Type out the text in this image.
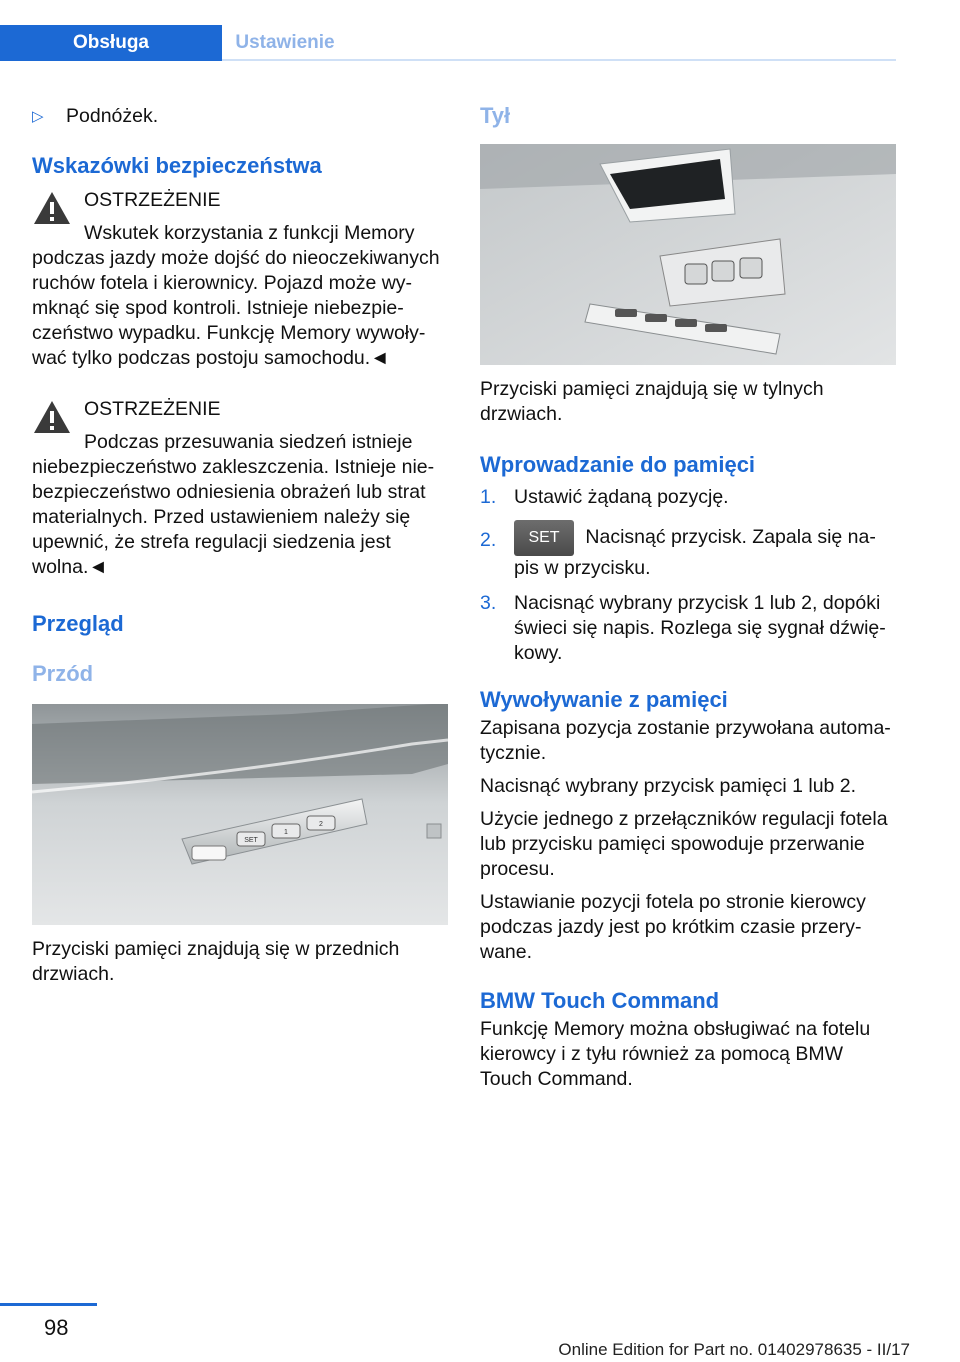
Obsługa	Ustawienie
▷	Podnóżek.
Wskazówki bezpieczeństwa

OSTRZEŻENIE

Wskutek korzystania z funkcji Memory podczas jazdy może dojść do nieoczekiwanych ruchów fotela i kierownicy. Pojazd może wy-mknąć się spod kontroli. Istnieje niebezpie-czeństwo wypadku. Funkcję Memory wywoły-wać tylko podczas postoju samochodu.◄

OSTRZEŻENIE

Podczas przesuwania siedzeń istnieje niebezpieczeństwo zakleszczenia. Istnieje nie-bezpieczeństwo odniesienia obrażeń lub strat materialnych. Przed ustawieniem należy się upewnić, że strefa regulacji siedzenia jest wolna.◄

Przegląd
Przód
SET
1
2

Przyciski pamięci znajdują się w przednich drzwiach.

Tył

Przyciski pamięci znajdują się w tylnych drzwiach.

Wprowadzanie do pamięci
1. Ustawić żądaną pozycję.
2. SET Nacisnąć przycisk. Zapala się na-pis w przycisku.
3. Nacisnąć wybrany przycisk 1 lub 2, dopóki świeci się napis. Rozlega się sygnał dźwię-kowy.
Wywoływanie z pamięci

Zapisana pozycja zostanie przywołana automa-tycznie.

Nacisnąć wybrany przycisk pamięci 1 lub 2.

Użycie jednego z przełączników regulacji fotela lub przycisku pamięci spowoduje przerwanie procesu.

Ustawianie pozycji fotela po stronie kierowcy podczas jazdy jest po krótkim czasie przery-wane.

BMW Touch Command

Funkcję Memory można obsługiwać na fotelu kierowcy i z tyłu również za pomocą BMW Touch Command.

98
Online Edition for Part no. 01402978635 - II/17
